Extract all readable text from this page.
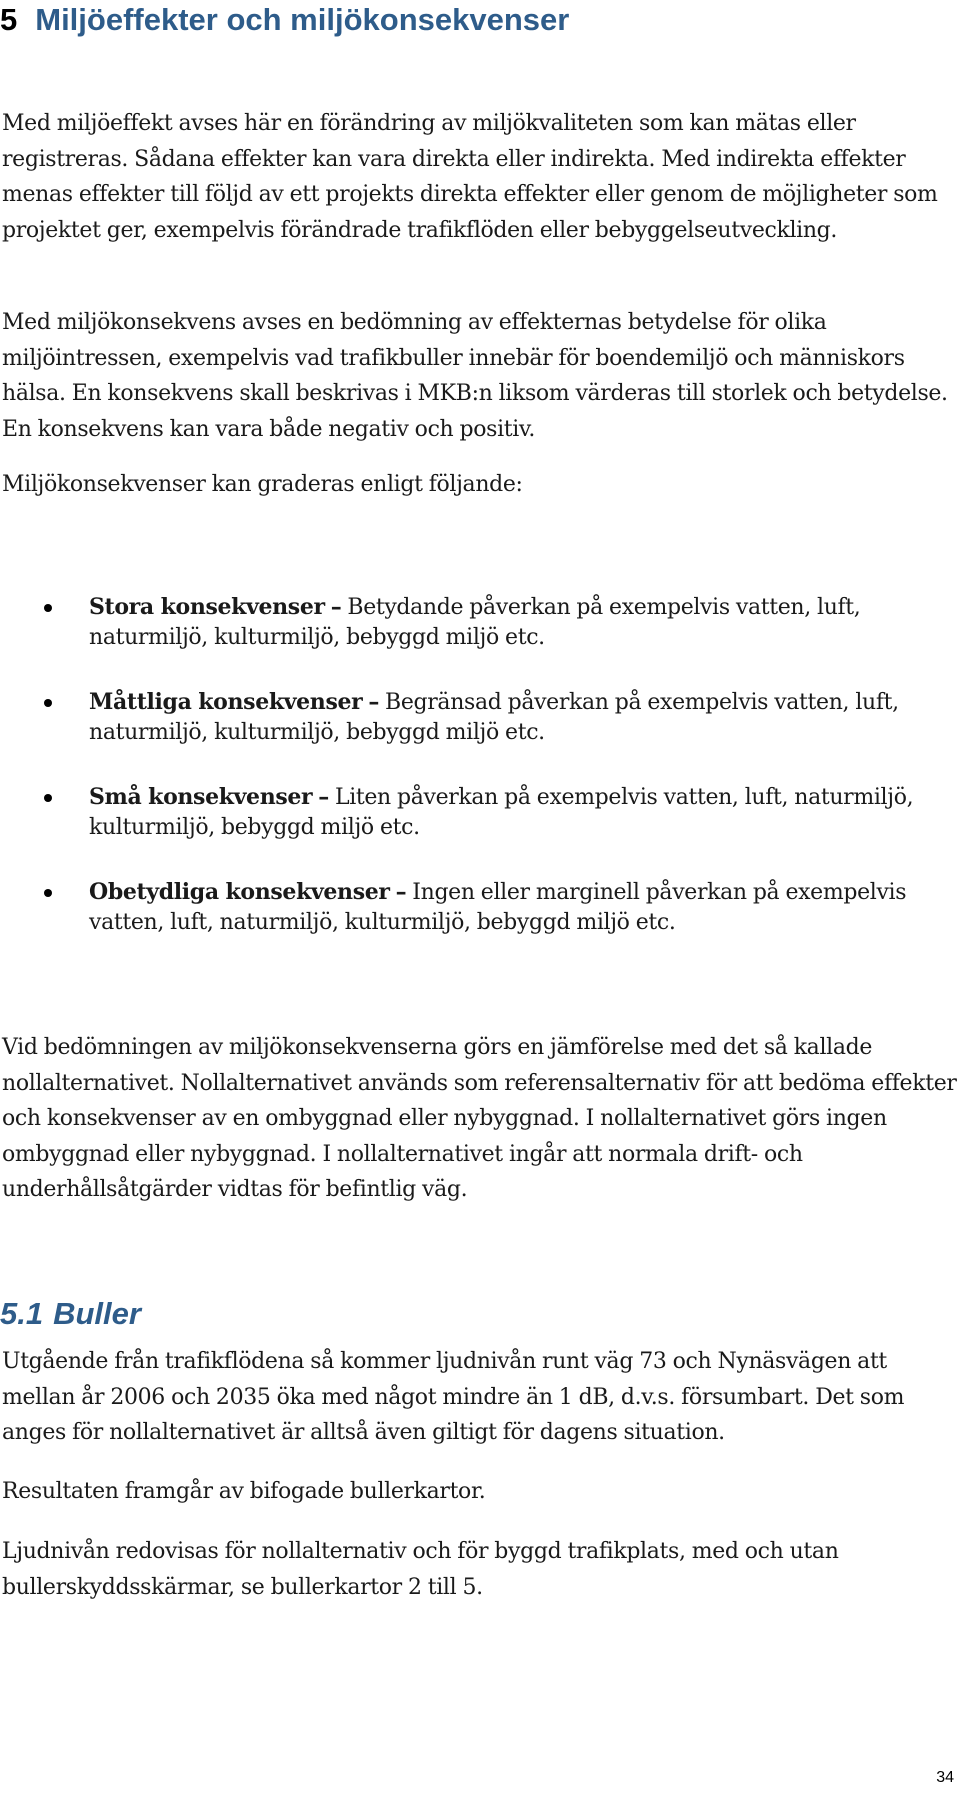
5 Miljöeffekter och miljökonsekvenser

Med miljöeffekt avses här en förändring av miljökvaliteten som kan mätas eller registreras. Sådana effekter kan vara direkta eller indirekta. Med indirekta effekter menas effekter till följd av ett projekts direkta effekter eller genom de möjligheter som projektet ger, exempelvis förändrade trafikflöden eller bebyggelseutveckling.

Med miljökonsekvens avses en bedömning av effekternas betydelse för olika miljöintressen, exempelvis vad trafikbuller innebär för boendemiljö och människors hälsa. En konsekvens skall beskrivas i MKB:n liksom värderas till storlek och betydelse. En konsekvens kan vara både negativ och positiv.

Miljökonsekvenser kan graderas enligt följande:

Stora konsekvenser – Betydande påverkan på exempelvis vatten, luft, naturmiljö, kulturmiljö, bebyggd miljö etc.
Måttliga konsekvenser – Begränsad påverkan på exempelvis vatten, luft, naturmiljö, kulturmiljö, bebyggd miljö etc.
Små konsekvenser – Liten påverkan på exempelvis vatten, luft, naturmiljö, kulturmiljö, bebyggd miljö etc.
Obetydliga konsekvenser – Ingen eller marginell påverkan på exempelvis vatten, luft, naturmiljö, kulturmiljö, bebyggd miljö etc.

Vid bedömningen av miljökonsekvenserna görs en jämförelse med det så kallade nollalternativet. Nollalternativet används som referensalternativ för att bedöma effekter och konsekvenser av en ombyggnad eller nybyggnad. I nollalternativet görs ingen ombyggnad eller nybyggnad. I nollalternativet ingår att normala drift- och underhållsåtgärder vidtas för befintlig väg.

5.1 Buller

Utgående från trafikflödena så kommer ljudnivån runt väg 73 och Nynäsvägen att mellan år 2006 och 2035 öka med något mindre än 1 dB, d.v.s. försumbart. Det som anges för nollalternativet är alltså även giltigt för dagens situation.

Resultaten framgår av bifogade bullerkartor.

Ljudnivån redovisas för nollalternativ och för byggd trafikplats, med och utan bullerskyddsskärmar, se bullerkartor 2 till 5.

34
